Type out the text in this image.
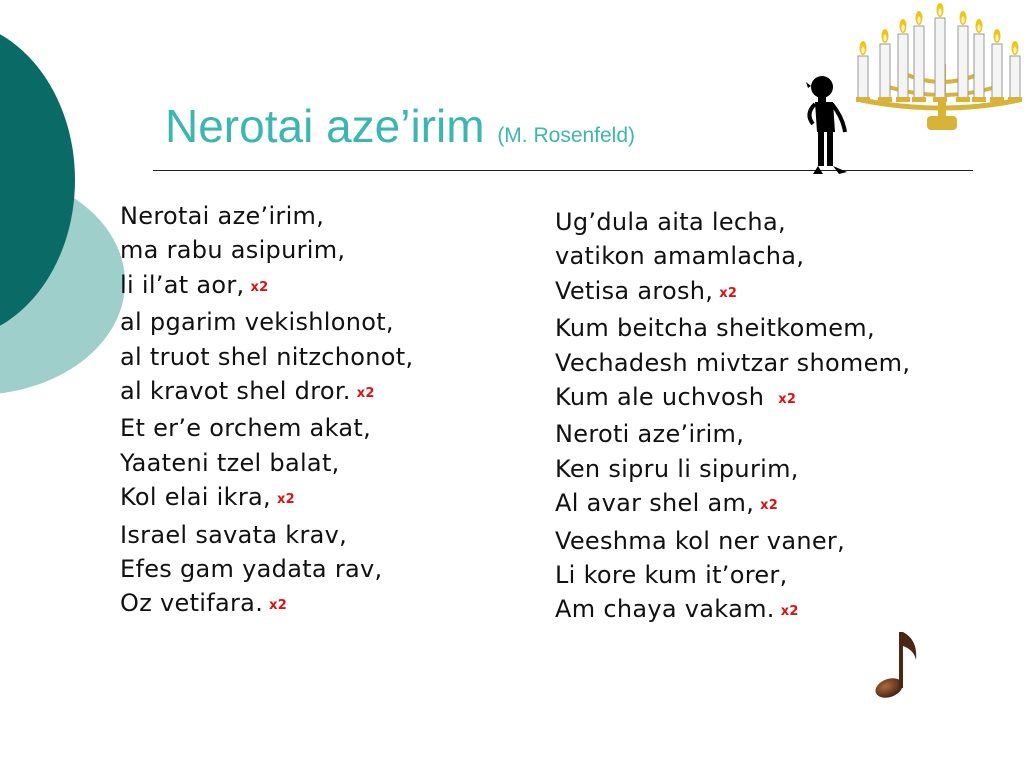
Nerotai aze’irim (M. Rosenfeld)
Nerotai aze’irim,
ma rabu asipurim,
li il’at aor, x2
al pgarim vekishlonot,
al truot shel nitzchonot,
al kravot shel dror. x2
Et er’e orchem akat,
Yaateni tzel balat,
Kol elai ikra, x2
Israel savata krav,
Efes gam yadata rav,
Oz vetifara. x2
Ug’dula aita lecha,
vatikon amamlacha,
Vetisa arosh, x2
Kum beitcha sheitkomem,
Vechadesh mivtzar shomem,
Kum ale uchvosh x2
Neroti aze’irim,
Ken sipru li sipurim,
Al avar shel am, x2
Veeshma kol ner vaner,
Li kore kum it’orer,
Am chaya vakam. x2
